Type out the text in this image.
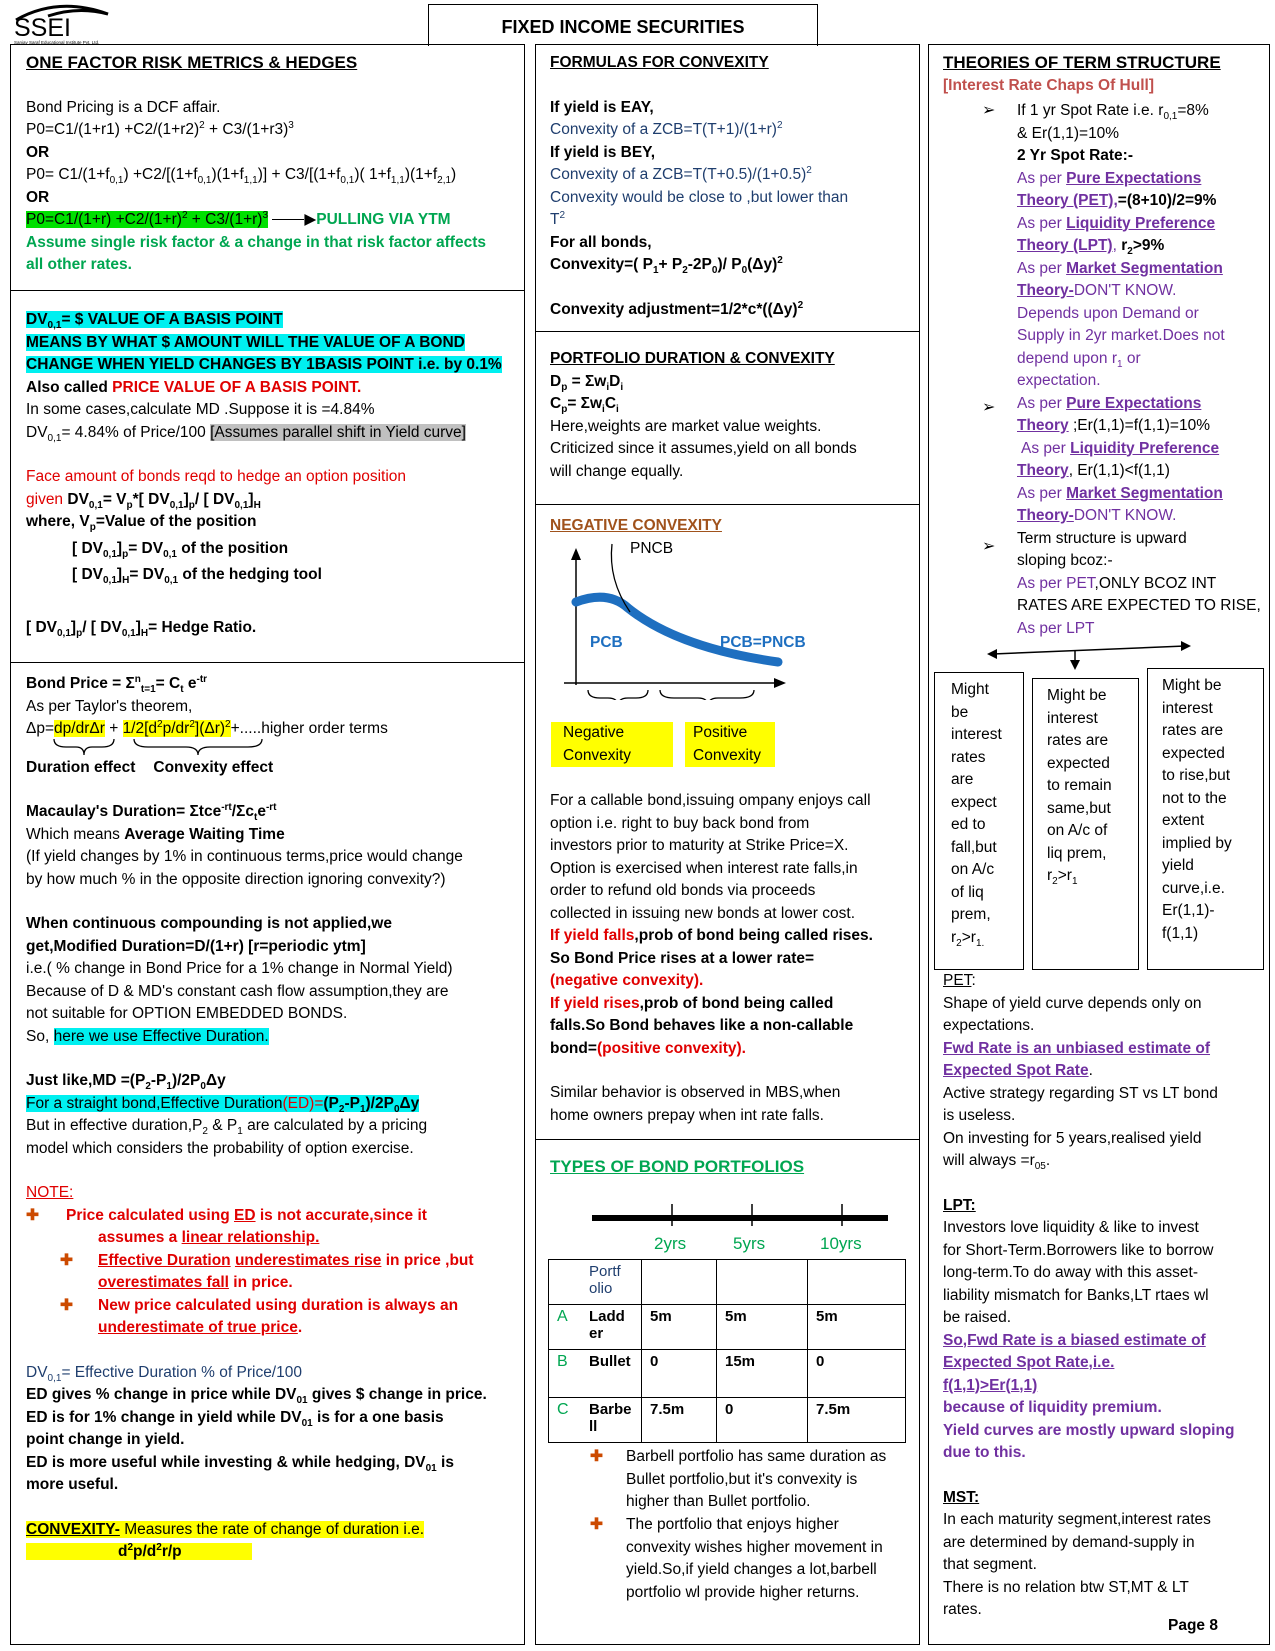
SSEI
Sanjay Saraf Educational Institute Pvt. Ltd.
FIXED INCOME SECURITIES
ONE FACTOR RISK METRICS & HEDGES
Bond Pricing is a DCF affair.
$P0=C1/(1+r1) +C2/(1+r2)^2 + C3/(1+r3)^3$
OR
$P0= C1/(1+f_{0,1}) +C2/[(1+f_{0,1})(1+f_{1,1})] + C3/[(1+f_{0,1})$( $1+f_{1,1})(1+f_{2,1})$
OR
$P0=C1/(1+r) +C2/(1+r)^2 + C3/(1+r)^3$ ▶PULLING VIA YTM
Assume single risk factor & a change in that risk factor affects
all other rates.
$DV_{0,1}=$ $ VALUE OF A BASIS POINT
MEANS BY WHAT $ AMOUNT WILL THE VALUE OF A BOND
CHANGE WHEN YIELD CHANGES BY 1BASIS POINT i.e. by 0.1%
Also called PRICE VALUE OF A BASIS POINT.
In some cases,calculate MD .Suppose it is =4.84%
$DV_{0,1}= 4.84\%$ of Price/100 [Assumes parallel shift in Yield curve]
Face amount of bonds reqd to hedge an option position
given $DV_{0,1}= V_p*$[ $DV_{0,1}]_p/$ [ $DV_{0,1}]_H$
where, $V_p=Value$ of the position
[ $DV_{0,1}]_p= DV_{0,1}$ of the position
[ $DV_{0,1}]_H= DV_{0,1}$ of the hedging tool
[ $DV_{0,1}]_p/$ [ $DV_{0,1}]_H=$ Hedge Ratio.
Bond Price = $\Sigma^n_{t=1}= C_t$ $e^{-tr}$
As per Taylor's theorem,
$\Delta p=dp/dr\Delta r + 1/2[d^2p/dr^2](\Delta r)^2+.....higher$ order terms
Duration effect Convexity effect
Macaulay's Duration= $\Sigma tce^{-rt}/\Sigma c_te^{-rt}$
Which means Average Waiting Time
(If yield changes by 1% in continuous terms,price would change
by how much % in the opposite direction ignoring convexity?)
When continuous compounding is not applied,we
get,Modified Duration=D/(1+r) [r=periodic ytm]
i.e.( % change in Bond Price for a 1% change in Normal Yield)
Because of D & MD's constant cash flow assumption,they are
not suitable for OPTION EMBEDDED BONDS.
So, here we use Effective Duration.
Just like,MD $=(P_2-P_1)/2P_0\Delta y$
For a straight bond,Effective $Duration(ED)=(P_2-P_1)/2P_0\Delta y$
But in effective $duration,P_2$ & $P_1$ are calculated by a pricing
model which considers the probability of option exercise.
NOTE:
✚ Price calculated using ED is not accurate,since it
assumes a linear relationship.
✚ Effective Duration underestimates rise in price ,but
overestimates fall in price.
✚ New price calculated using duration is always an
underestimate of true price.
$DV_{0,1}=$ Effective Duration % of Price/100
ED gives % change in price while $DV_{01}$ gives $ change in price.
ED is for 1% change in yield while $DV_{01}$ is for a one basis
point change in yield.
ED is more useful while investing & while hedging, $DV_{01}$ is
more useful.
CONVEXITY- Measures the rate of change of duration i.e.
$d^2p/d^2r/p$
FORMULAS FOR CONVEXITY
If yield is EAY,
Convexity of a $ZCB=T(T+1)/(1+r)^2$
If yield is BEY,
Convexity of a $ZCB=T(T+0.5)/(1+0.5)^2$
Convexity would be close to ,but lower than
$T^2$
For all bonds,
Convexity=( $P_1+ P_2-2P_0)/$ $P_0(\Delta y)^2$
Convexity $adjustment=1/2*c*((\Delta y)^2$
PORTFOLIO DURATION & CONVEXITY
$D_p = \Sigma w_iD_i$
$C_p= \Sigma w_iC_i$
Here,weights are market value weights.
Criticized since it assumes,yield on all bonds
will change equally.
NEGATIVE CONVEXITY
PNCB
PCB	PCB=PNCB
Negative
Convexity
Positive
Convexity
For a callable bond,issuing ompany enjoys call
option i.e. right to buy back bond from
investors prior to maturity at Strike Price=X.
Option is exercised when interest rate falls,in
order to refund old bonds via proceeds
collected in issuing new bonds at lower cost.
If yield falls,prob of bond being called rises.
So Bond Price rises at a lower rate=
(negative convexity).
If yield rises,prob of bond being called
falls.So Bond behaves like a non-callable
bond=(positive convexity).
Similar behavior is observed in MBS,when
home owners prepay when int rate falls.
TYPES OF BOND PORTFOLIOS
2yrs	5yrs	10yrs
	Portf olio			
A	Ladd er	5m	5m	5m
B	Bullet	0	15m	0
C	Barbe ll	7.5m	0	7.5m
✚	Barbell portfolio has same duration as Bullet portfolio,but it's convexity is higher than Bullet portfolio.
✚	The portfolio that enjoys higher convexity wishes higher movement in yield.So,if yield changes a lot,barbell portfolio wl provide higher returns.
THEORIES OF TERM STRUCTURE
[Interest Rate Chaps Of Hull]
If 1 yr Spot Rate i.e. $r_{0,1}=8\%$
& Er(1,1)=10%
2 Yr Spot Rate:-
As per Pure Expectations
Theory (PET),=(8+10)/2=9%
As per Liquidity Preference
Theory (LPT), $r_2>9\%$
As per Market Segmentation
Theory-DON'T KNOW.
Depends upon Demand or
Supply in 2yr market.Does not
depend upon $r_1$ or
expectation.
As per Pure Expectations
Theory ;Er(1,1)=f(1,1)=10%
As per Liquidity Preference
Theory, Er(1,1)<f(1,1)
As per Market Segmentation
Theory-DON'T KNOW.
Term structure is upward
sloping bcoz:-
As per PET,ONLY BCOZ INT
RATES ARE EXPECTED TO RISE,
As per LPT
➢
➢
➢
Might
be
interest
rates
are
expect
ed to
fall,but
on A/c
of liq
prem,
$r_2>r_{1.}$
Might be
interest
rates are
expected
to remain
same,but
on A/c of
liq prem,
$r_2>r_1$
Might be
interest
rates are
expected
to rise,but
not to the
extent
implied by
yield
curve,i.e.
Er(1,1)-
f(1,1)
PET:
Shape of yield curve depends only on
expectations.
Fwd Rate is an unbiased estimate of
Expected Spot Rate.
Active strategy regarding ST vs LT bond
is useless.
On investing for 5 years,realised yield
will always $=r_{05}$.
LPT:
Investors love liquidity & like to invest
for Short-Term.Borrowers like to borrow
long-term.To do away with this asset-
liability mismatch for Banks,LT rtaes wl
be raised.
So,Fwd Rate is a biased estimate of
Expected Spot Rate,i.e.
f(1,1)>Er(1,1)
because of liquidity premium.
Yield curves are mostly upward sloping
due to this.
MST:
In each maturity segment,interest rates
are determined by demand-supply in
that segment.
There is no relation btw ST,MT & LT
rates.
Page 8
